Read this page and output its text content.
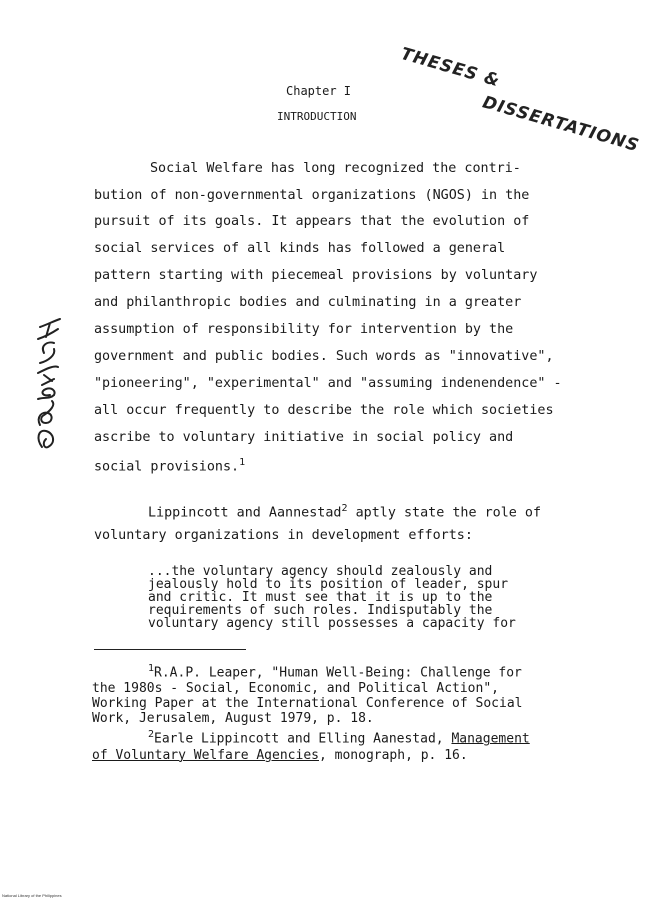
THESES &
DISSERTATIONS
Chapter I
INTRODUCTION
Social Welfare has long recognized the contri-
bution of non-governmental organizations (NGOS) in the
pursuit of its goals. It appears that the evolution of
social services of all kinds has followed a general
pattern starting with piecemeal provisions by voluntary
and philanthropic bodies and culminating in a greater
assumption of responsibility for intervention by the
government and public bodies. Such words as "innovative",
"pioneering", "experimental" and "assuming indenendence" -
all occur frequently to describe the role which societies
ascribe to voluntary initiative in social policy and
social provisions.$^1$
Lippincott and Aannestad$^2$ aptly state the role of
voluntary organizations in development efforts:
...the voluntary agency should zealously and
jealously hold to its position of leader, spur
and critic. It must see that it is up to the
requirements of such roles. Indisputably the
voluntary agency still possesses a capacity for
$^1$R.A.P. Leaper, "Human Well-Being: Challenge for
the 1980s - Social, Economic, and Political Action",
Working Paper at the International Conference of Social
Work, Jerusalem, August 1979, p. 18.
$^2$Earle Lippincott and Elling Aanestad, Management
of Voluntary Welfare Agencies, monograph, p. 16.
National Library of the Philippines
